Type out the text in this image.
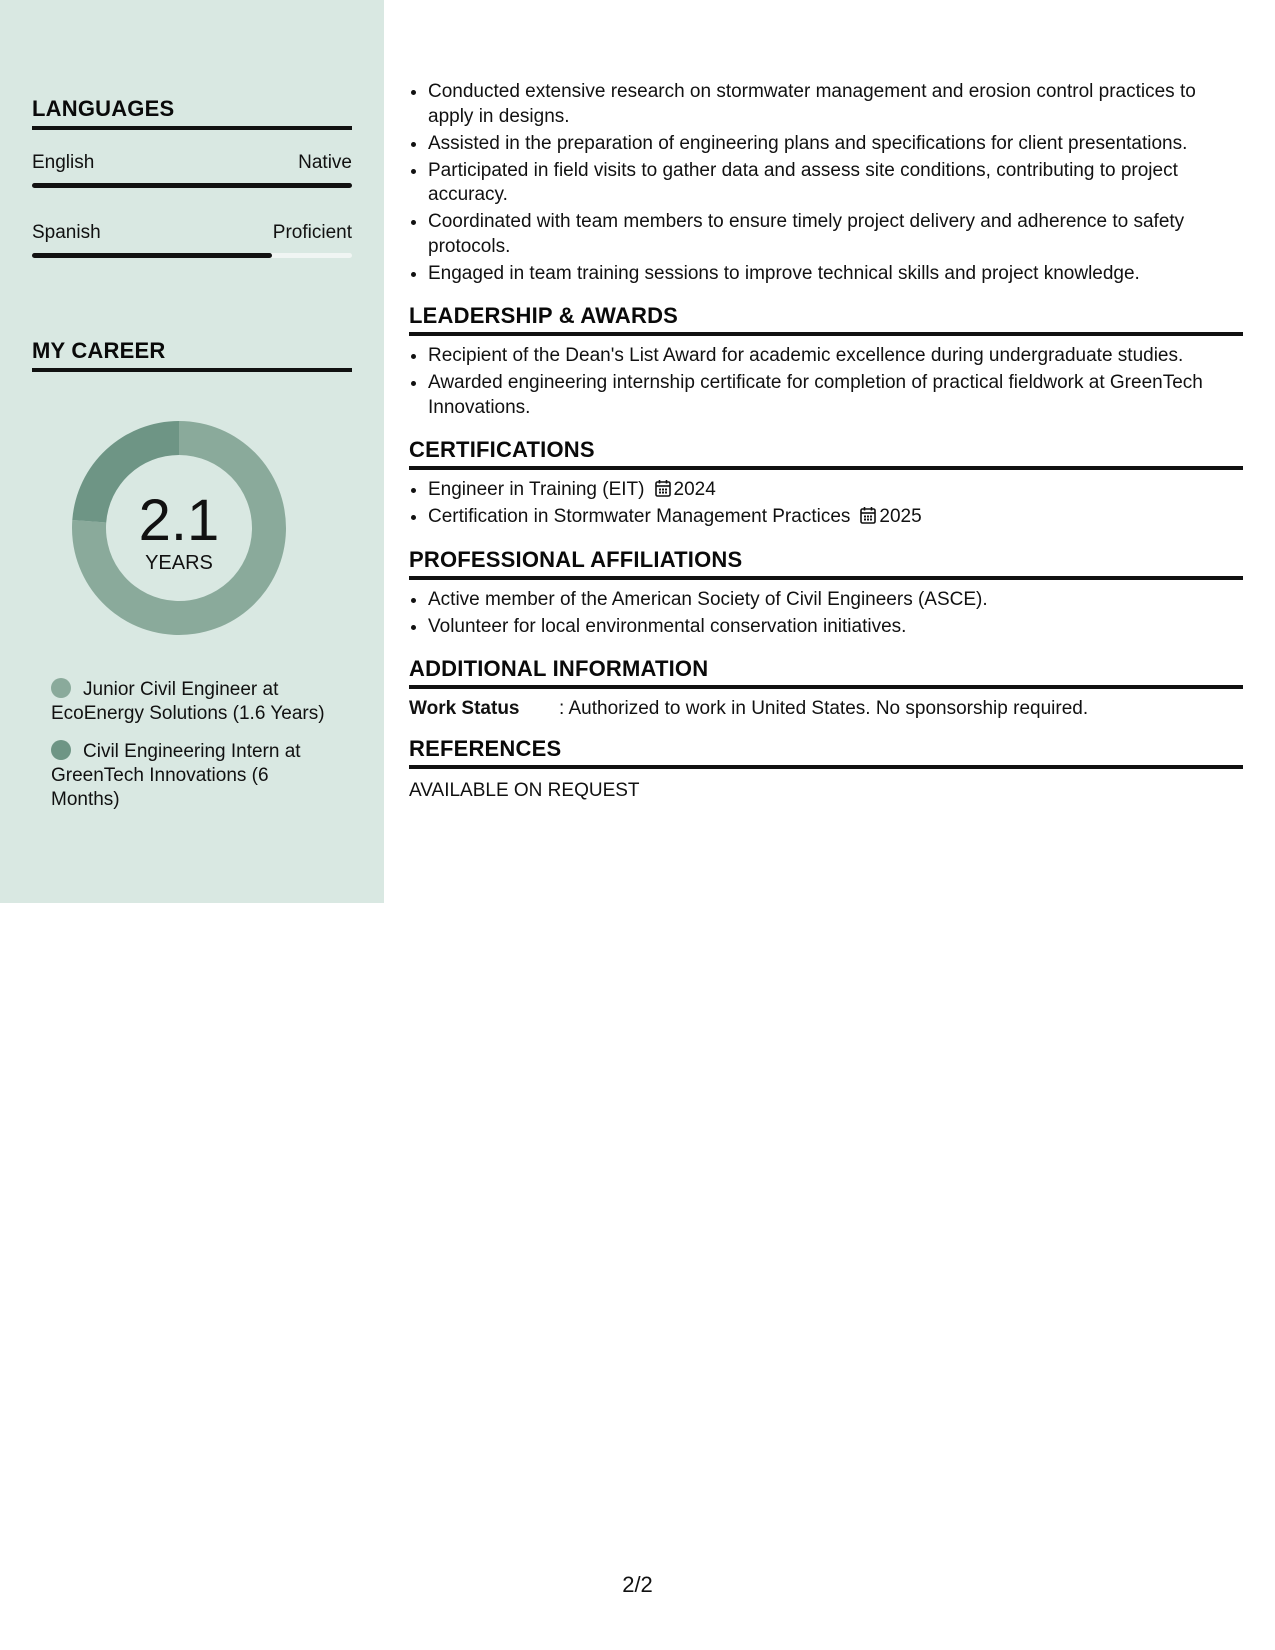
LANGUAGES
English	Native
Spanish	Proficient
MY CAREER
2.1
YEARS
Junior Civil Engineer at EcoEnergy Solutions (1.6 Years)
Civil Engineering Intern at GreenTech Innovations (6 Months)
• Conducted extensive research on stormwater management and erosion control practices to apply in designs.
• Assisted in the preparation of engineering plans and specifications for client presentations.
• Participated in field visits to gather data and assess site conditions, contributing to project accuracy.
• Coordinated with team members to ensure timely project delivery and adherence to safety protocols.
• Engaged in team training sessions to improve technical skills and project knowledge.
LEADERSHIP & AWARDS
• Recipient of the Dean's List Award for academic excellence during undergraduate studies.
• Awarded engineering internship certificate for completion of practical fieldwork at GreenTech Innovations.
CERTIFICATIONS
• Engineer in Training (EIT) 2024
• Certification in Stormwater Management Practices 2025
PROFESSIONAL AFFILIATIONS
• Active member of the American Society of Civil Engineers (ASCE).
• Volunteer for local environmental conservation initiatives.
ADDITIONAL INFORMATION
Work Status	: Authorized to work in United States. No sponsorship required.
REFERENCES
AVAILABLE ON REQUEST
2/2
